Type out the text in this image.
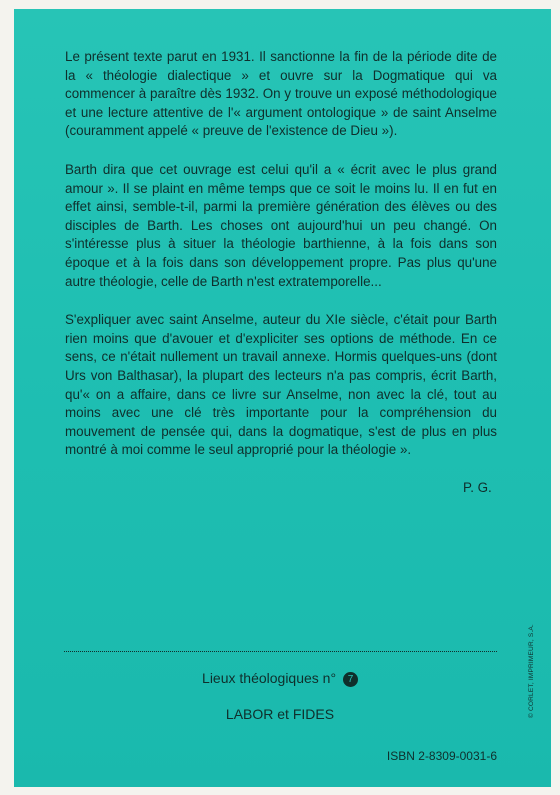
Le présent texte parut en 1931. Il sanctionne la fin de la période dite de la « théologie dialectique » et ouvre sur la Dogmatique qui va commencer à paraître dès 1932. On y trouve un exposé méthodologique et une lecture attentive de l'« argument ontologique » de saint Anselme (couramment appelé « preuve de l'existence de Dieu »).

Barth dira que cet ouvrage est celui qu'il a « écrit avec le plus grand amour ». Il se plaint en même temps que ce soit le moins lu. Il en fut en effet ainsi, semble-t-il, parmi la première génération des élèves ou des disciples de Barth. Les choses ont aujourd'hui un peu changé. On s'intéresse plus à situer la théologie barthienne, à la fois dans son époque et à la fois dans son développement propre. Pas plus qu'une autre théologie, celle de Barth n'est extratemporelle...

S'expliquer avec saint Anselme, auteur du XIe siècle, c'était pour Barth rien moins que d'avouer et d'expliciter ses options de méthode. En ce sens, ce n'était nullement un travail annexe. Hormis quelques-uns (dont Urs von Balthasar), la plupart des lecteurs n'a pas compris, écrit Barth, qu'« on a affaire, dans ce livre sur Anselme, non avec la clé, tout au moins avec une clé très importante pour la compréhension du mouvement de pensée qui, dans la dogmatique, s'est de plus en plus montré à moi comme le seul approprié pour la théologie ».

P. G.
Lieux théologiques n° 7
LABOR et FIDES
ISBN 2-8309-0031-6
© CORLET, IMPRIMEUR, S.A.
